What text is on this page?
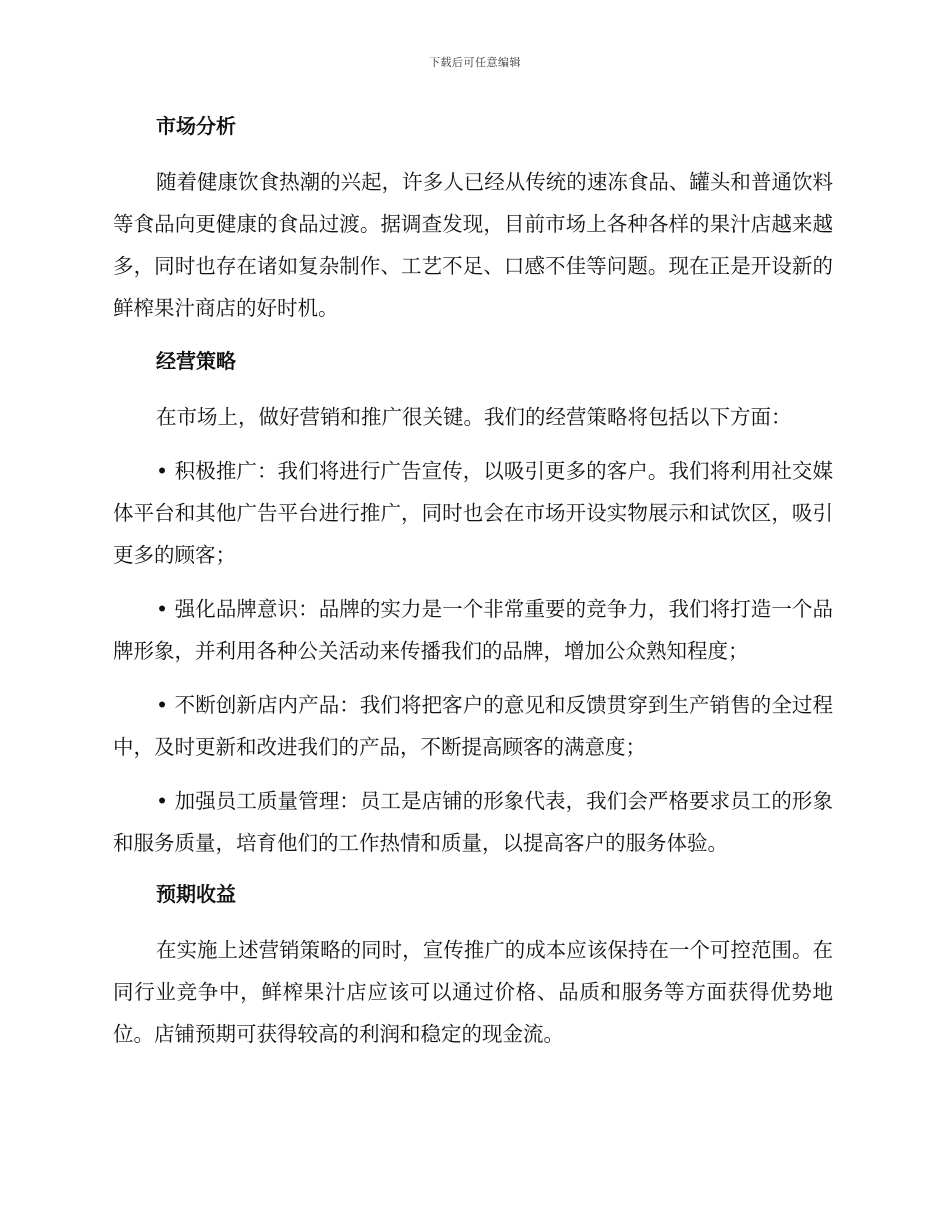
下载后可任意编辑
市场分析

随着健康饮食热潮的兴起，许多人已经从传统的速冻食品、罐头和普通饮料等食品向更健康的食品过渡。据调查发现，目前市场上各种各样的果汁店越来越多，同时也存在诸如复杂制作、工艺不足、口感不佳等问题。现在正是开设新的鲜榨果汁商店的好时机。

经营策略

在市场上，做好营销和推广很关键。我们的经营策略将包括以下方面：

• 积极推广：我们将进行广告宣传，以吸引更多的客户。我们将利用社交媒体平台和其他广告平台进行推广，同时也会在市场开设实物展示和试饮区，吸引更多的顾客；

• 强化品牌意识：品牌的实力是一个非常重要的竞争力，我们将打造一个品牌形象，并利用各种公关活动来传播我们的品牌，增加公众熟知程度；

• 不断创新店内产品：我们将把客户的意见和反馈贯穿到生产销售的全过程中，及时更新和改进我们的产品，不断提高顾客的满意度；

• 加强员工质量管理：员工是店铺的形象代表，我们会严格要求员工的形象和服务质量，培育他们的工作热情和质量，以提高客户的服务体验。

预期收益

在实施上述营销策略的同时，宣传推广的成本应该保持在一个可控范围。在同行业竞争中，鲜榨果汁店应该可以通过价格、品质和服务等方面获得优势地位。店铺预期可获得较高的利润和稳定的现金流。
